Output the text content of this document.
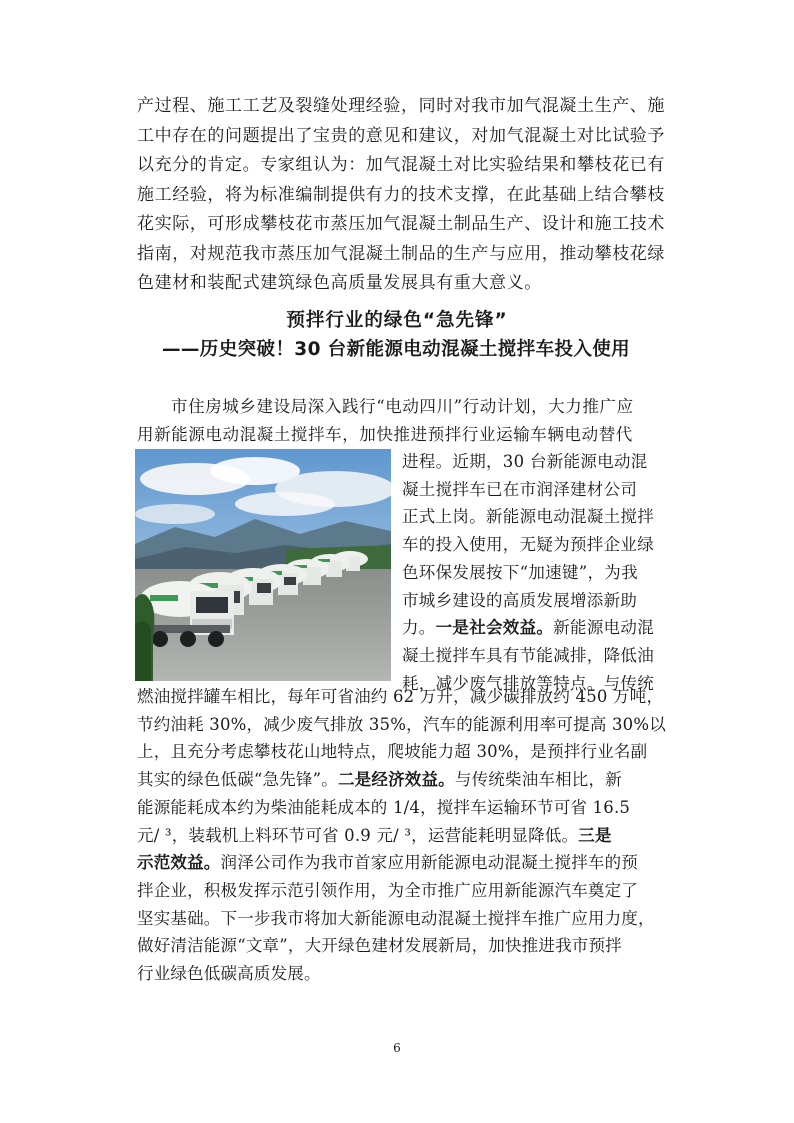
产过程、施工工艺及裂缝处理经验，同时对我市加气混凝土生产、施
工中存在的问题提出了宝贵的意见和建议，对加气混凝土对比试验予
以充分的肯定。专家组认为：加气混凝土对比实验结果和攀枝花已有
施工经验，将为标准编制提供有力的技术支撑，在此基础上结合攀枝
花实际，可形成攀枝花市蒸压加气混凝土制品生产、设计和施工技术
指南，对规范我市蒸压加气混凝土制品的生产与应用，推动攀枝花绿
色建材和装配式建筑绿色高质量发展具有重大意义。
预拌行业的绿色“急先锋”
——历史突破！30 台新能源电动混凝土搅拌车投入使用
市住房城乡建设局深入践行“电动四川”行动计划，大力推广应
用新能源电动混凝土搅拌车，加快推进预拌行业运输车辆电动替代
进程。近期，30 台新能源电动混
凝土搅拌车已在市润泽建材公司
正式上岗。新能源电动混凝土搅拌
车的投入使用，无疑为预拌企业绿
色环保发展按下“加速键”，为我
市城乡建设的高质发展增添新助
力。一是社会效益。新能源电动混
凝土搅拌车具有节能减排，降低油
耗，减少废气排放等特点。与传统
燃油搅拌罐车相比，每年可省油约 62 万升，减少碳排放约 450 万吨，
节约油耗 30%，减少废气排放 35%，汽车的能源利用率可提高 30%以
上，且充分考虑攀枝花山地特点，爬坡能力超 30%，是预拌行业名副
其实的绿色低碳“急先锋”。二是经济效益。与传统柴油车相比，新
能源能耗成本约为柴油能耗成本的 1/4，搅拌车运输环节可省 16.5
元/ ³，装载机上料环节可省 0.9 元/ ³，运营能耗明显降低。三是
示范效益。润泽公司作为我市首家应用新能源电动混凝土搅拌车的预
拌企业，积极发挥示范引领作用，为全市推广应用新能源汽车奠定了
坚实基础。下一步我市将加大新能源电动混凝土搅拌车推广应用力度，
做好清洁能源“文章”，大开绿色建材发展新局，加快推进我市预拌
行业绿色低碳高质发展。
6
